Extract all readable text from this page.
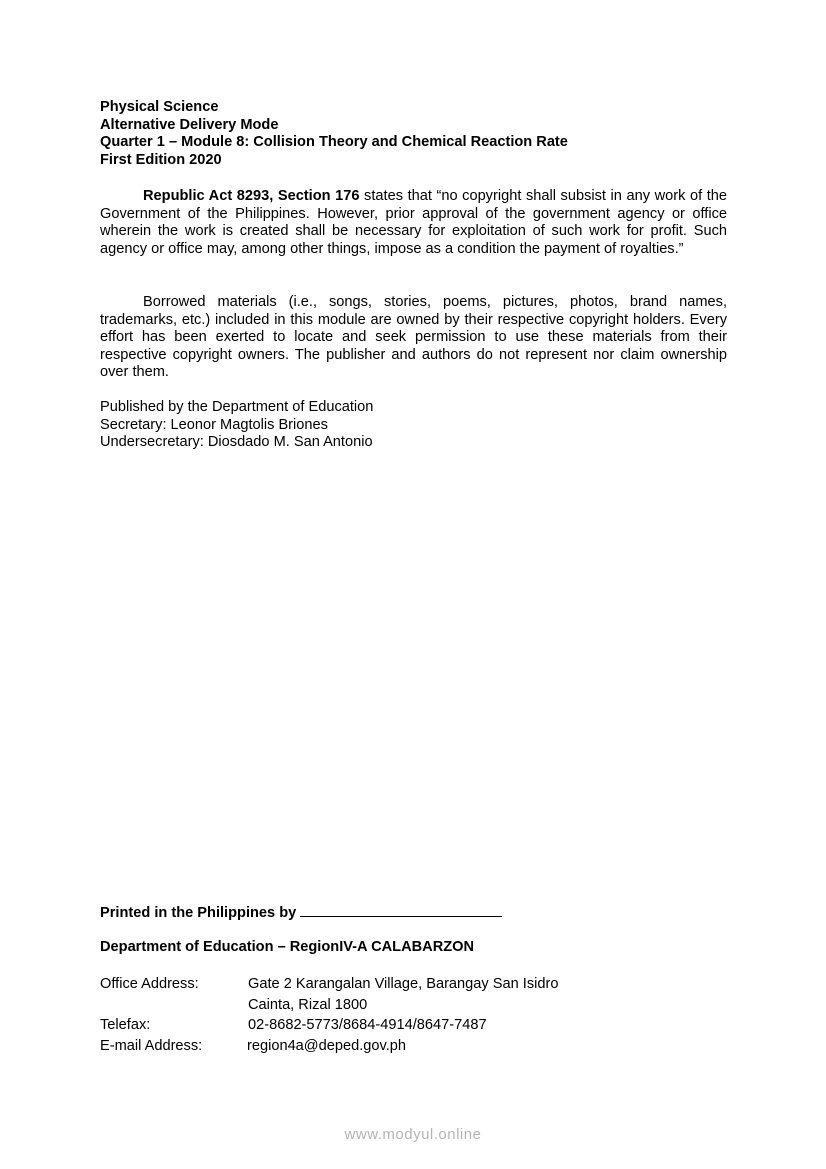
Physical Science
Alternative Delivery Mode
Quarter 1 – Module 8: Collision Theory and Chemical Reaction Rate
First Edition 2020
Republic Act 8293, Section 176 states that “no copyright shall subsist in any work of the Government of the Philippines. However, prior approval of the government agency or office wherein the work is created shall be necessary for exploitation of such work for profit. Such agency or office may, among other things, impose as a condition the payment of royalties.”
Borrowed materials (i.e., songs, stories, poems, pictures, photos, brand names, trademarks, etc.) included in this module are owned by their respective copyright holders. Every effort has been exerted to locate and seek permission to use these materials from their respective copyright owners. The publisher and authors do not represent nor claim ownership over them.
Published by the Department of Education
Secretary: Leonor Magtolis Briones
Undersecretary: Diosdado M. San Antonio
Printed in the Philippines by
Department of Education – RegionIV-A CALABARZON
Office Address:	Gate 2 Karangalan Village, Barangay San Isidro
Cainta, Rizal 1800
Telefax:	02-8682-5773/8684-4914/8647-7487
E-mail Address:	region4a@deped.gov.ph
www.modyul.online
